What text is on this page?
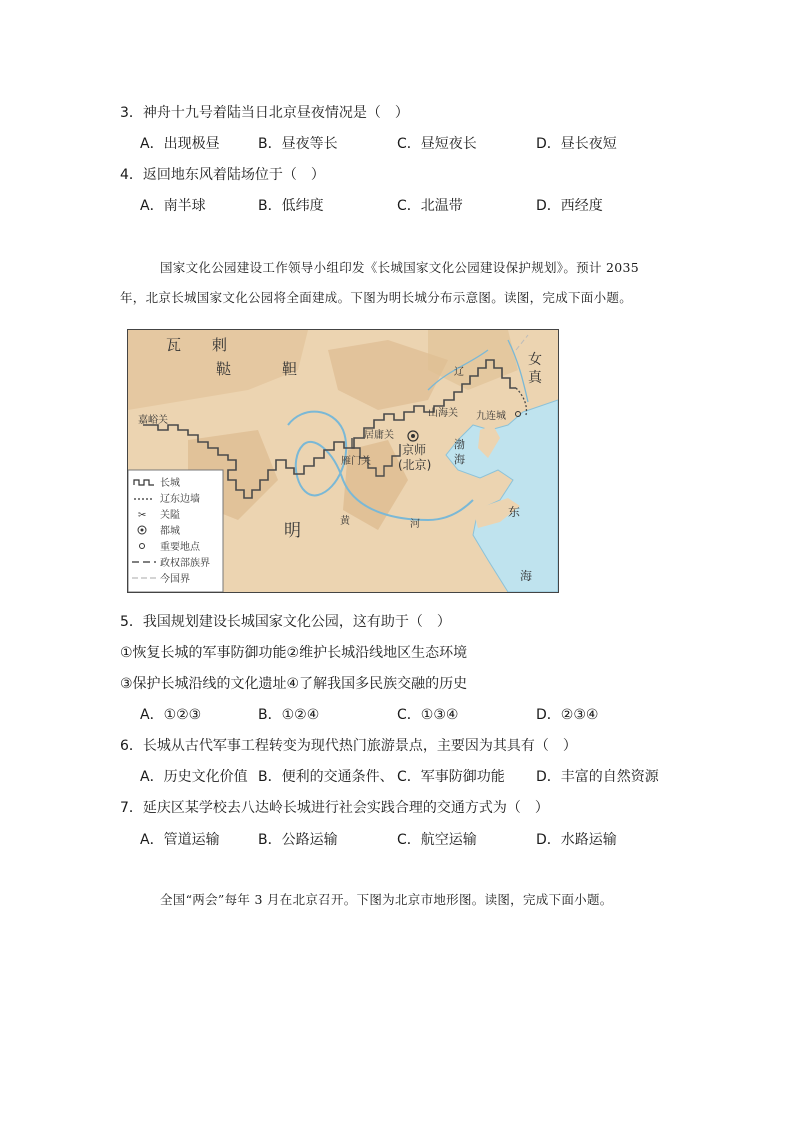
3．神舟十九号着陆当日北京昼夜情况是（　）
A．出现极昼	B．昼夜等长	C．昼短夜长	D．昼长夜短
4．返回地东风着陆场位于（　）
A．南半球	B．低纬度	C．北温带	D．西经度
国家文化公园建设工作领导小组印发《长城国家文化公园建设保护规划》。预计 2035
年，北京长城国家文化公园将全面建成。下图为明长城分布示意图。读图，完成下面小题。
瓦 剌
鞑	靼	女
真
嘉峪关
山海关 九连城
居庸关
雁门关
京师
(北京)
明	黄	河
渤
海
东
海
辽
长城
辽东边墙
✂ 关隘
都城
重要地点
政权部族界
今国界
5．我国规划建设长城国家文化公园，这有助于（　）
①恢复长城的军事防御功能②维护长城沿线地区生态环境
③保护长城沿线的文化遗址④了解我国多民族交融的历史
A．①②③	B．①②④	C．①③④	D．②③④
6．长城从古代军事工程转变为现代热门旅游景点，主要因为其具有（　）
A．历史文化价值 B．便利的交通条件、 C．军事防御功能 D．丰富的自然资源
7．延庆区某学校去八达岭长城进行社会实践合理的交通方式为（　）
A．管道运输	B．公路运输	C．航空运输	D．水路运输
全国“两会”每年 3 月在北京召开。下图为北京市地形图。读图，完成下面小题。
